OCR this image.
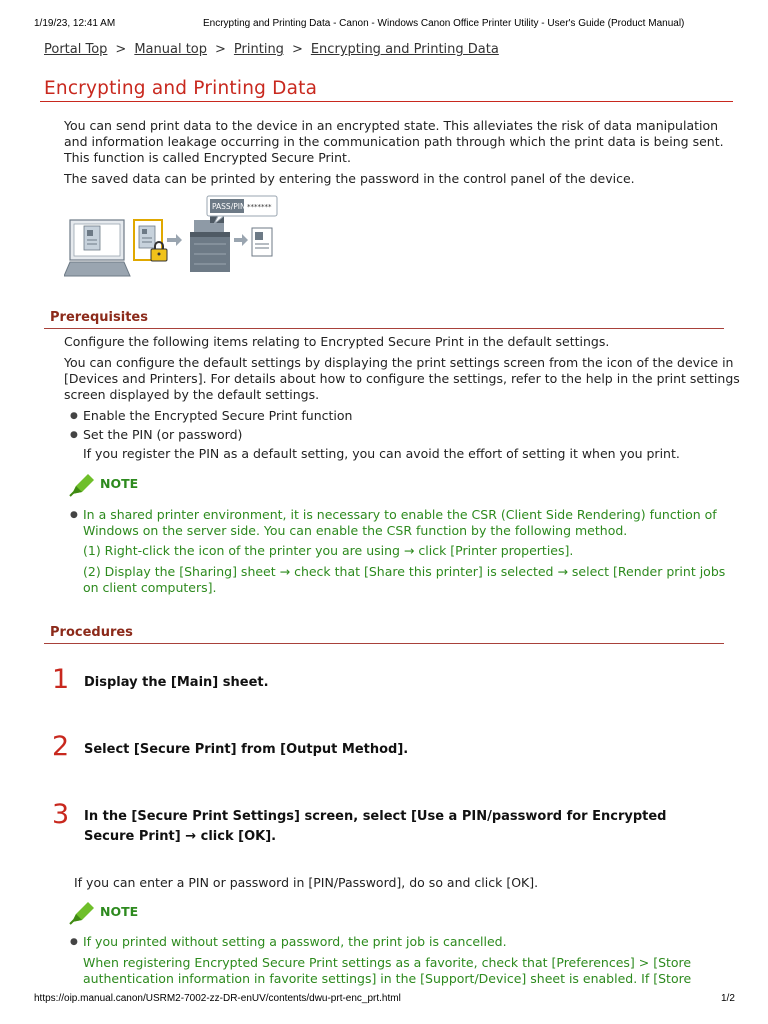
1/19/23, 12:41 AM	Encrypting and Printing Data - Canon - Windows Canon Office Printer Utility - User's Guide (Product Manual)
Portal Top > Manual top > Printing > Encrypting and Printing Data
Encrypting and Printing Data
You can send print data to the device in an encrypted state. This alleviates the risk of data manipulation
and information leakage occurring in the communication path through which the print data is being sent.
This function is called Encrypted Secure Print.
The saved data can be printed by entering the password in the control panel of the device.
PASS/PIN *******
Prerequisites
Configure the following items relating to Encrypted Secure Print in the default settings.
You can configure the default settings by displaying the print settings screen from the icon of the device in
[Devices and Printers]. For details about how to configure the settings, refer to the help in the print settings
screen displayed by the default settings.
● Enable the Encrypted Secure Print function
● Set the PIN (or password)
If you register the PIN as a default setting, you can avoid the effort of setting it when you print.
NOTE
● In a shared printer environment, it is necessary to enable the CSR (Client Side Rendering) function of
Windows on the server side. You can enable the CSR function by the following method.
(1) Right-click the icon of the printer you are using → click [Printer properties].
(2) Display the [Sharing] sheet → check that [Share this printer] is selected → select [Render print jobs
on client computers].
Procedures
1 Display the [Main] sheet.
2 Select [Secure Print] from [Output Method].
3 In the [Secure Print Settings] screen, select [Use a PIN/password for Encrypted
Secure Print] → click [OK].
If you can enter a PIN or password in [PIN/Password], do so and click [OK].
NOTE
● If you printed without setting a password, the print job is cancelled.
When registering Encrypted Secure Print settings as a favorite, check that [Preferences] > [Store
authentication information in favorite settings] in the [Support/Device] sheet is enabled. If [Store
https://oip.manual.canon/USRM2-7002-zz-DR-enUV/contents/dwu-prt-enc_prt.html	1/2
